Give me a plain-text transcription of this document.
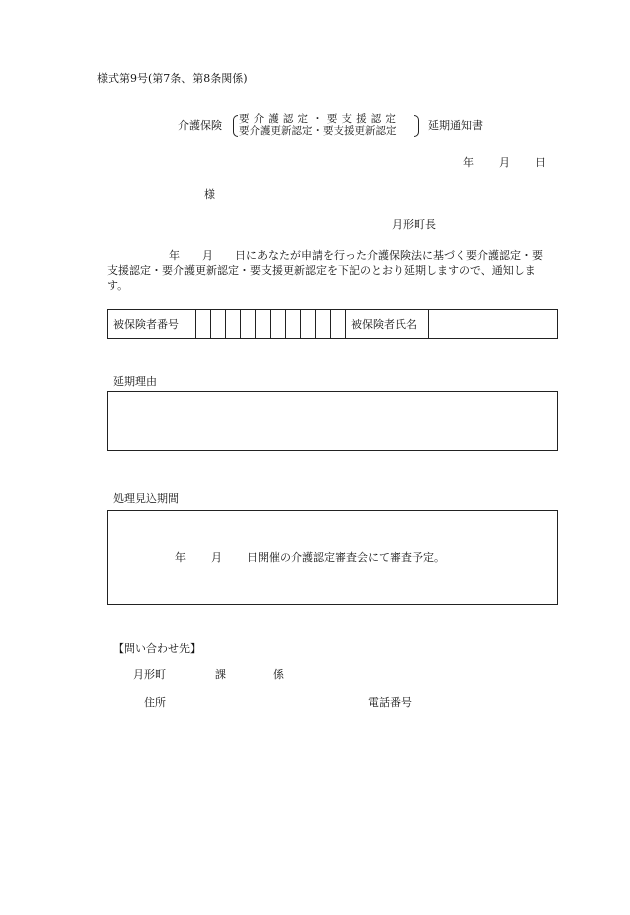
様式第9号(第7条、第8条関係)
介護保険 要 介 護 認 定 ・ 要 支 援 認 定
要介護更新認定・要支援更新認定	延期通知書
年 月 日
様
月形町長
年　　月　　日にあなたが申請を行った介護保険法に基づく要介護認定・要
支援認定・要介護更新認定・要支援更新認定を下記のとおり延期しますので、通知しま
す。
被保険者番号											被保険者氏名	
延期理由
処理見込期間
年 月 日開催の介護認定審査会にて審査予定。
【問い合わせ先】
月形町	課	係
住所	電話番号
